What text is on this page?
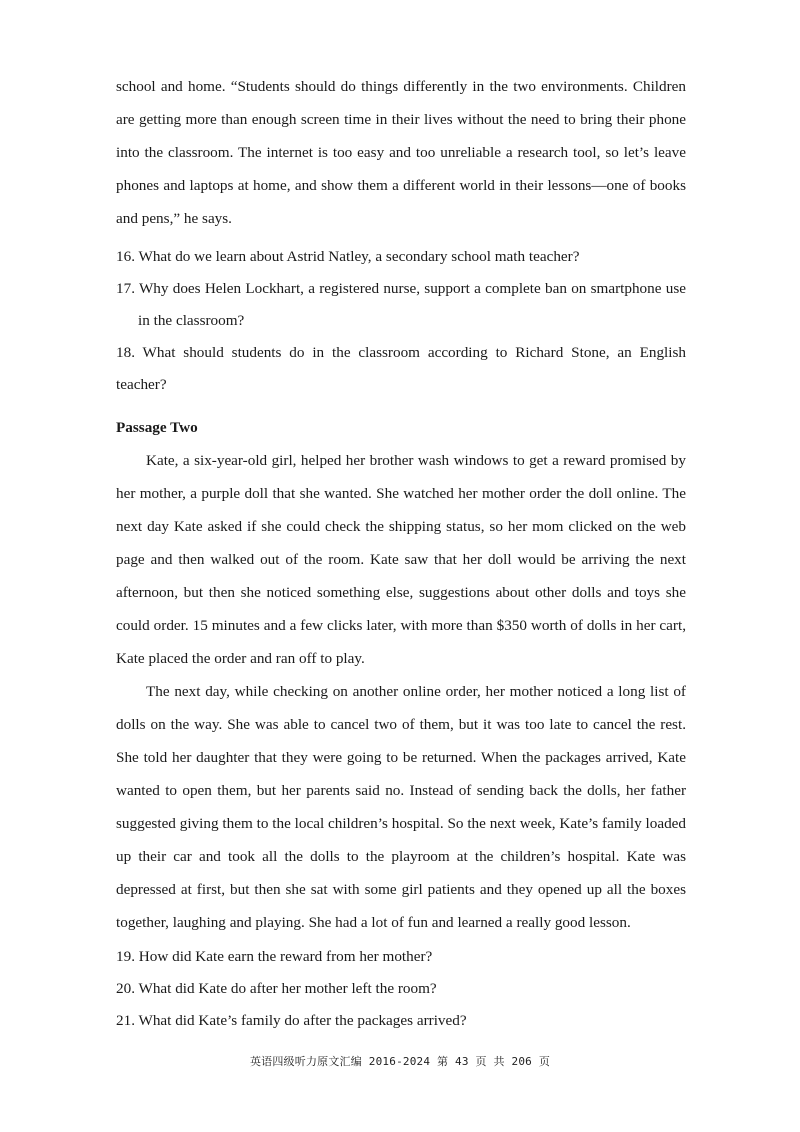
school and home. “Students should do things differently in the two environments. Children are getting more than enough screen time in their lives without the need to bring their phone into the classroom. The internet is too easy and too unreliable a research tool, so let’s leave phones and laptops at home, and show them a different world in their lessons—one of books and pens,” he says.

16. What do we learn about Astrid Natley, a secondary school math teacher?

17. Why does Helen Lockhart, a registered nurse, support a complete ban on smartphone use in the classroom?

18. What should students do in the classroom according to Richard Stone, an English teacher?

Passage Two

Kate, a six-year-old girl, helped her brother wash windows to get a reward promised by her mother, a purple doll that she wanted. She watched her mother order the doll online. The next day Kate asked if she could check the shipping status, so her mom clicked on the web page and then walked out of the room. Kate saw that her doll would be arriving the next afternoon, but then she noticed something else, suggestions about other dolls and toys she could order. 15 minutes and a few clicks later, with more than $350 worth of dolls in her cart, Kate placed the order and ran off to play.

The next day, while checking on another online order, her mother noticed a long list of dolls on the way. She was able to cancel two of them, but it was too late to cancel the rest. She told her daughter that they were going to be returned. When the packages arrived, Kate wanted to open them, but her parents said no. Instead of sending back the dolls, her father suggested giving them to the local children’s hospital. So the next week, Kate’s family loaded up their car and took all the dolls to the playroom at the children’s hospital. Kate was depressed at first, but then she sat with some girl patients and they opened up all the boxes together, laughing and playing. She had a lot of fun and learned a really good lesson.

19. How did Kate earn the reward from her mother?

20. What did Kate do after her mother left the room?

21. What did Kate’s family do after the packages arrived?

英语四级听力原文汇编 2016-2024 第 43 页 共 206 页
